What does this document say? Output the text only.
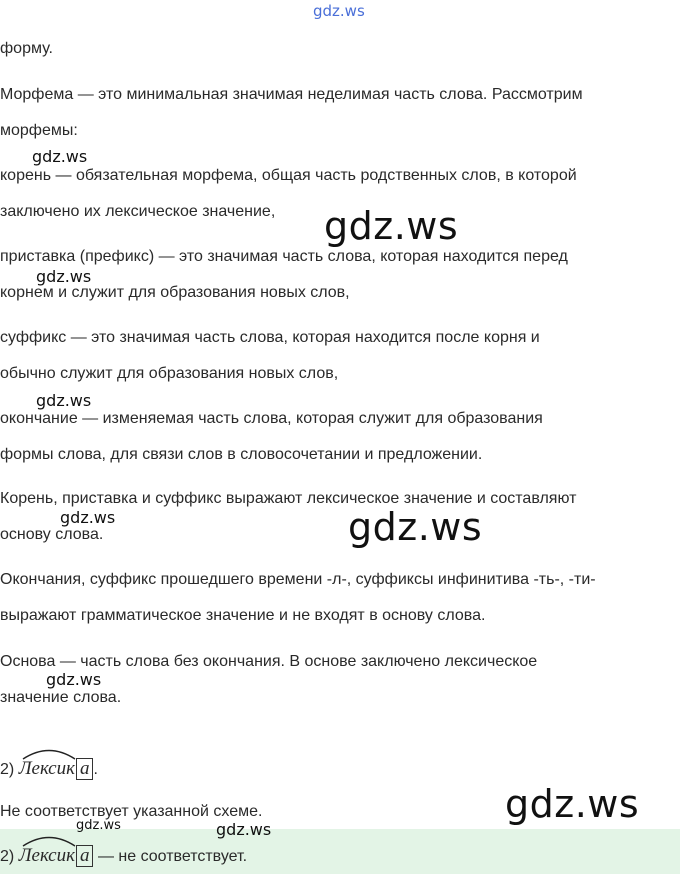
gdz.ws
форму.
Морфема — это минимальная значимая неделимая часть слова. Рассмотрим
морфемы:
gdz.ws
корень — обязательная морфема, общая часть родственных слов, в которой
заключено их лексическое значение, gdz.ws
приставка (префикс) — это значимая часть слова, которая находится перед
gdz.ws
корнем и служит для образования новых слов,
суффикс — это значимая часть слова, которая находится после корня и
обычно служит для образования новых слов,
gdz.ws
окончание — изменяемая часть слова, которая служит для образования
формы слова, для связи слов в словосочетании и предложении.
Корень, приставка и суффикс выражают лексическое значение и составляют
gdz.ws
основу слова.	gdz.ws
Окончания, суффикс прошедшего времени -л-, суффиксы инфинитива -ть-, -ти-
выражают грамматическое значение и не входят в основу слова.
Основа — часть слова без окончания. В основе заключено лексическое
gdz.ws
значение слова.
2) Лексик а .
Не соответствует указанной схеме.	gdz.ws
gdz.ws	gdz.ws
2) Лексик а — не соответствует.
